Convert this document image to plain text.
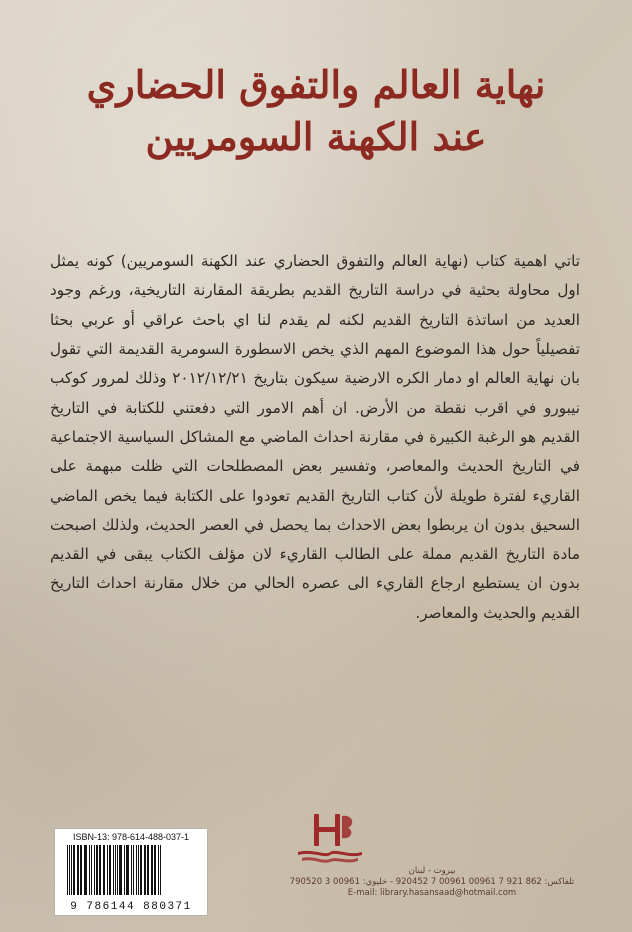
نهاية العالم والتفوق الحضاري
عند الكهنة السومريين

تاتي اهمية كتاب (نهاية العالم والتفوق الحضاري عند الكهنة السومريين) كونه يمثل اول محاولة بحثية في دراسة التاريخ القديم بطريقة المقارنة التاريخية، ورغم وجود العديد من اساتذة التاريخ القديم لكنه لم يقدم لنا اي باحث عراقي أو عربي بحثا تفصيلياً حول هذا الموضوع المهم الذي يخص الاسطورة السومرية القديمة التي تقول بان نهاية العالم او دمار الكره الارضية سيكون بتاريخ ٢٠١٢/١٢/٢١ وذلك لمرور كوكب نيبورو في اقرب نقطة من الأرض. ان أهم الامور التي دفعتني للكتابة في التاريخ القديم هو الرغبة الكبيرة في مقارنة احداث الماضي مع المشاكل السياسية الاجتماعية في التاريخ الحديث والمعاصر، وتفسير بعض المصطلحات التي ظلت مبهمة على القاريء لفترة طويلة لأن كتاب التاريخ القديم تعودوا على الكتابة فيما يخص الماضي السحيق بدون ان يربطوا بعض الاحداث بما يحصل في العصر الحديث، ولذلك اصبحت مادة التاريخ القديم مملة على الطالب القاريء لان مؤلف الكتاب يبقى في القديم بدون ان يستطيع ارجاع القاريء الى عصره الحالي من خلال مقارنة احداث التاريخ القديم والحديث والمعاصر.

ISBN-13: 978-614-488-037-1
9 786144 880371
بيروت - لبنان
تلفاكس: 862 921 7 00961 00961 7 920452 - خليوي: 00961 3 790520
E-mail: library.hasansaad@hotmail.com
